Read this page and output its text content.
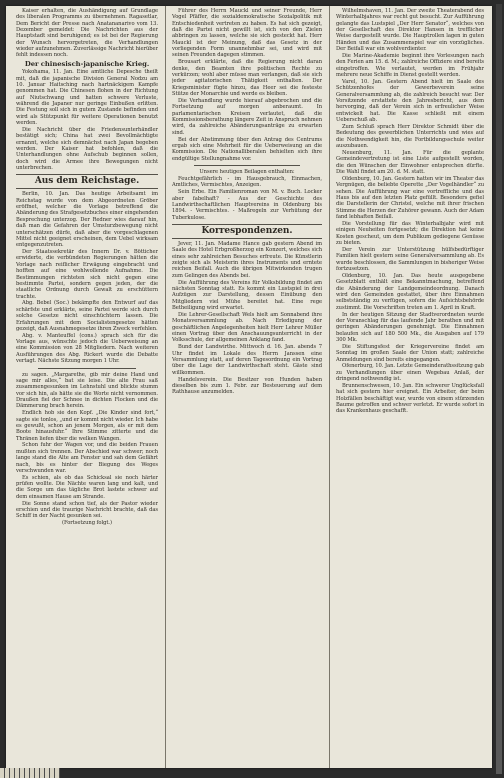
Kaiser erhalten, die Aushändigung auf Grundlage des liberalen Programms zu übernehmen. Ragasetlar, Dem Bericht der Presse nach Anatananarivo vom 13. Dezember gemeldet: Die Nachrichten aus der Hauptstadt sind beruhigend; es ist bei der Regierung der Wunsch hervorgetreten, die Verhandlungen wieder aufzunehmen. Zuverlässige Nachricht hierüber fehlt indessen noch.

Der chinesisch-japanische Krieg.

Yokohama, 11. Jan. Eine amtliche Depesche theilt mit, daß die japanische Division General Nodzu am 10. Januar Haitsching nach hartnäckigem Kampfe genommen hat. Die Chinesen flohen in der Richtung auf Niutschwang und hatten schwere Verluste, während die Japaner nur geringe Einbußen erlitten. Die Festung soll sich in gutem Zustande befinden und wird als Stützpunkt für weitere Operationen benutzt werden.

Die Nachricht über die Friedensunterhändler bestätigt sich; China hat zwei Bevollmächtigte ernannt, welche sich demnächst nach Japan begeben werden. Der Kaiser hat befohlen, daß die Unterhandlungen ohne Aufschub beginnen sollen, doch wird die Armee ihre Bewegungen nicht unterbrechen.

Aus dem Reichstage.

Berlin, 10. Jan. Das heutige Arbeitsamt im Reichstag wurde von dem Abgeordneten Gröber eröffnet, welcher die Vorlage betreffend die Abänderung des Strafgesetzbuches einer eingehenden Besprechung unterzog. Der Redner wies darauf hin, daß man die Gefahren der Umsturzbewegung nicht unterschätzen dürfe, daß aber die vorgeschlagenen Mittel nicht geeignet erscheinen, dem Uebel wirksam entgegenzutreten.

Der Staatssekretär des Innern Dr. v. Bötticher erwiderte, die verbündeten Regierungen hätten die Vorlage nach reiflicher Erwägung eingebracht und hofften auf eine wohlwollende Aufnahme. Die Bestimmungen richteten sich nicht gegen eine bestimmte Partei, sondern gegen jeden, der die staatliche Ordnung durch Gewalt zu erschüttern trachte.

Abg. Bebel (Soc.) bekämpfte den Entwurf auf das schärfste und erklärte, seine Partei werde sich durch solche Gesetze nicht einschüchtern lassen. Die Erfahrungen mit dem Socialistengesetze hätten gezeigt, daß Ausnahmegesetze ihren Zweck verfehlen.

Abg. v. Manteuffel (cons.) sprach sich für die Vorlage aus, wünschte jedoch die Ueberweisung an eine Kommission von 28 Mitgliedern. Nach weiteren Ausführungen des Abg. Rickert wurde die Debatte vertagt. Nächste Sitzung morgen 1 Uhr.

zu sagen. „Margarethe, gib mir deine Hand und sage mir alles,“ bat sie leise. Die alte Frau saß zusammengesunken im Lehnstuhl und blickte stumm vor sich hin, als hätte sie die Worte nicht vernommen. Draußen fiel der Schnee in dichten Flocken und die Dämmerung brach herein.

Endlich hob sie den Kopf. „Die Kinder sind fort,“ sagte sie tonlos, „und er kommt nicht wieder. Ich habe es gewußt, schon an jenem Morgen, als er mit dem Boote hinausfuhr.“ Ihre Stimme zitterte und die Thränen liefen über die welken Wangen.

Schon fuhr der Wagen vor, und die beiden Frauen mußten sich trennen. Der Abschied war schwer; noch lange stand die Alte am Fenster und sah dem Gefährt nach, bis es hinter der Biegung des Weges verschwunden war.

Es schien, als ob das Schicksal sie noch härter prüfen wollte. Die Nächte waren lang und kalt, und die Sorge um das tägliche Brot lastete schwer auf dem einsamen Hause am Strande.

Die Sonne stand schon tief, als der Pastor wieder erschien und die traurige Nachricht brachte, daß das Schiff in der Nacht gesunken sei.

(Fortsetzung folgt.)

Führer des Herrn Mauckl und seiner Freunde, Herr Vogel Pfäffer, die sozialdemokratische Sozialpolitik mit Entschiedenheit vertreten zu haben. Es hat sich gezeigt, daß die Partei nicht gewillt ist, sich von den Zielen abbringen zu lassen, welche sie sich gesteckt hat. Herr Mauckl ist der Meinung, daß das Gesetz in der vorliegenden Form unannehmbar sei, und wird mit seinen Freunden dagegen stimmen.

Brousart erklärte, daß die Regierung nicht daran denke, den Beamten ihre politischen Rechte zu verkürzen; wohl aber müsse man verlangen, daß sie sich jeder agitatorischen Thätigkeit enthalten. Der Kriegsminister fügte hinzu, das Heer sei die festeste Stütze der Monarchie und werde es bleiben.

Die Verhandlung wurde hierauf abgebrochen und die Fortsetzung auf morgen anberaumt. In parlamentarischen Kreisen verlautet, daß die Kommissionsberathung längere Zeit in Anspruch nehmen wird, da zahlreiche Abänderungsanträge zu erwarten sind.

Bei der Abstimmung über den Antrag des Centrums ergab sich eine Mehrheit für die Ueberweisung an die Kommission. Die Nationalliberalen behielten sich ihre endgültige Stellungnahme vor.

Unsere heutigen Beilagen enthalten:

Feuchtgefährlich - im Hausgebrauch, Einmachen, Amtliches, Vermischtes, Anzeigen.

Sein Erbe. Ein Familienroman von M. v. Buch. Locker aber fabelhaft? - Aus der Geschichte des Landwirthschaftlichen Hauptvereins in Oldenburg bis 1894. - Vermischtes. - Maßregeln zur Verhütung der Tuberkulose.

Korrespondenzen.

Jever, 11. Jan. Madame Hance gab gestern Abend im Saale des Hotel Erbgroßherzog ein Konzert, welches sich eines sehr zahlreichen Besuches erfreute. Die Künstlerin zeigte sich als Meisterin ihres Instruments und erntete reichen Beifall. Auch die übrigen Mitwirkenden trugen zum Gelingen des Abends bei.

Die Aufführung des Vereins für Volksbildung findet am nächsten Sonntag statt. Es kommt ein Lustspiel in drei Aufzügen zur Darstellung, dessen Einübung den Mitgliedern viel Mühe bereitet hat. Eine rege Betheiligung wird erwartet.

Die Lehrer-Gesellschaft Wels hielt am Sonnabend ihre Monatsversammlung ab. Nach Erledigung der geschäftlichen Angelegenheiten hielt Herr Lehrer Müller einen Vortrag über den Anschauungsunterricht in der Volksschule, der allgemeinen Anklang fand.

Bund der Landwirthe. Mittwoch d. 16. Jan. abends 7 Uhr findet im Lokale des Herrn Janssen eine Versammlung statt, auf deren Tagesordnung ein Vortrag über die Lage der Landwirthschaft steht. Gäste sind willkommen.

Handelsverein. Die Besitzer von Hunden haben dieselben bis zum 1. Febr. zur Besteuerung auf dem Rathhause anzumelden.

Wilhelmshaven, 11. Jan. Der zweite Theaterabend des Winterhalbjahres war recht gut besucht. Zur Aufführung gelangte das Lustspiel „Der Herr Senator“, welches von der Gesellschaft des Direktor Hansen in trefflicher Weise dargestellt wurde. Die Hauptrollen lagen in guten Händen und das Zusammenspiel war ein vorzügliches. Der Beifall war ein wohlverdienter.

Die Marine-Akademie beginnt ihre Vorlesungen nach den Ferien am 15. d. M.; zahlreiche Offiziere sind bereits eingetroffen. Wie verlautet, werden im Frühjahr mehrere neue Schiffe in Dienst gestellt werden.

Varel, 10. Jan. Gestern Abend hielt im Saale des Schützenhofes der Gewerbeverein seine Generalversammlung ab, die zahlreich besucht war. Der Vorsitzende erstattete den Jahresbericht, aus dem hervorging, daß der Verein sich in erfreulicher Weise entwickelt hat. Die Kasse schließt mit einem Ueberschuß ab.

Zum Schluß sprach Herr Direktor Schmidt über die Bedeutung des gewerblichen Unterrichts und wies auf die Nothwendigkeit hin, die Fortbildungsschule weiter auszubauen.

Neuenburg, 11. Jan. Für die geplante Gemeindevertretung ist eine Liste aufgestellt worden, die den Wünschen der Einwohner entsprechen dürfte. Die Wahl findet am 20. d. M. statt.

Oldenburg, 10. Jan. Gestern hatten wir im Theater das Vergnügen, die beliebte Operette „Der Vogelhändler“ zu sehen. Die Aufführung war eine vortreffliche und das Haus bis auf den letzten Platz gefüllt. Besonders gefiel die Darstellerin der Christel, welche mit ihrer frischen Stimme die Herzen der Zuhörer gewann. Auch der Adam fand lebhaften Beifall.

Die Vorstellung für das Winterhalbjahr wird mit einigen Neuheiten fortgesetzt; die Direktion hat keine Kosten gescheut, um dem Publikum gediegene Genüsse zu bieten.

Der Verein zur Unterstützung hülfsbedürftiger Familien hielt gestern seine Generalversammlung ab. Es wurde beschlossen, die Sammlungen in bisheriger Weise fortzusetzen.

Oldenburg, 10. Jan. Das heute ausgegebene Gesetzblatt enthält eine Bekanntmachung, betreffend die Abänderung der Landgemeindeordnung. Danach wird den Gemeinden gestattet, über ihre Einnahmen selbstständig zu verfügen, sofern die Aufsichtsbehörde zustimmt. Die Vorschriften treten am 1. April in Kraft.

In der heutigen Sitzung der Stadtverordneten wurde der Voranschlag für das laufende Jahr berathen und mit geringen Abänderungen genehmigt. Die Einnahmen belaufen sich auf 180 500 Mk., die Ausgaben auf 179 300 Mk.

Die Stiftungsfest der Kriegervereine findet am Sonntag im großen Saale der Union statt; zahlreiche Anmeldungen sind bereits eingegangen.

Ofenerburg, 10. Jan. Letzte Gemeinderathssitzung gab zu Verhandlungen über einen Wegebau Anlaß, der dringend nothwendig ist.

Brunnenschwesen, 10. Jan. Ein schwerer Unglücksfall hat sich gestern hier ereignet. Ein Arbeiter, der beim Holzfällen beschäftigt war, wurde von einem stürzenden Baume getroffen und schwer verletzt. Er wurde sofort in das Krankenhaus geschafft.
